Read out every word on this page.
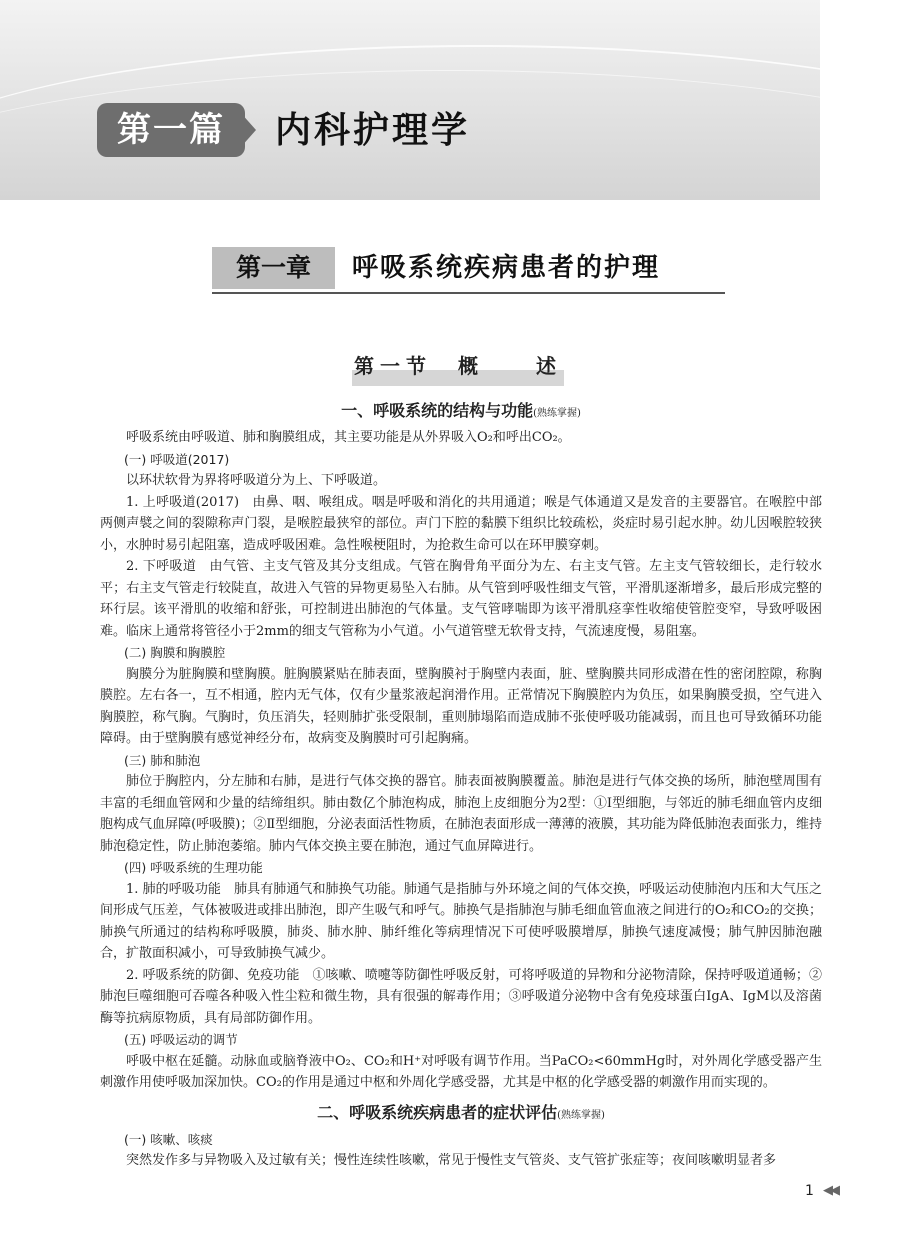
第一篇	内科护理学
第一章	呼吸系统疾病患者的护理
第一节　概　　述
一、呼吸系统的结构与功能(熟练掌握)

呼吸系统由呼吸道、肺和胸膜组成，其主要功能是从外界吸入O₂和呼出CO₂。

(一) 呼吸道(2017)

以环状软骨为界将呼吸道分为上、下呼吸道。

1. 上呼吸道(2017)　由鼻、咽、喉组成。咽是呼吸和消化的共用通道；喉是气体通道又是发音的主要器官。在喉腔中部两侧声襞之间的裂隙称声门裂，是喉腔最狭窄的部位。声门下腔的黏膜下组织比较疏松，炎症时易引起水肿。幼儿因喉腔较狭小，水肿时易引起阻塞，造成呼吸困难。急性喉梗阻时，为抢救生命可以在环甲膜穿刺。

2. 下呼吸道　由气管、主支气管及其分支组成。气管在胸骨角平面分为左、右主支气管。左主支气管较细长，走行较水平；右主支气管走行较陡直，故进入气管的异物更易坠入右肺。从气管到呼吸性细支气管，平滑肌逐渐增多，最后形成完整的环行层。该平滑肌的收缩和舒张，可控制进出肺泡的气体量。支气管哮喘即为该平滑肌痉挛性收缩使管腔变窄，导致呼吸困难。临床上通常将管径小于2mm的细支气管称为小气道。小气道管壁无软骨支持，气流速度慢，易阻塞。

(二) 胸膜和胸膜腔

胸膜分为脏胸膜和壁胸膜。脏胸膜紧贴在肺表面，壁胸膜衬于胸壁内表面，脏、壁胸膜共同形成潜在性的密闭腔隙，称胸膜腔。左右各一，互不相通，腔内无气体，仅有少量浆液起润滑作用。正常情况下胸膜腔内为负压，如果胸膜受损，空气进入胸膜腔，称气胸。气胸时，负压消失，轻则肺扩张受限制，重则肺塌陷而造成肺不张使呼吸功能减弱，而且也可导致循环功能障碍。由于壁胸膜有感觉神经分布，故病变及胸膜时可引起胸痛。

(三) 肺和肺泡

肺位于胸腔内，分左肺和右肺，是进行气体交换的器官。肺表面被胸膜覆盖。肺泡是进行气体交换的场所，肺泡壁周围有丰富的毛细血管网和少量的结缔组织。肺由数亿个肺泡构成，肺泡上皮细胞分为2型：①Ⅰ型细胞，与邻近的肺毛细血管内皮细胞构成气血屏障(呼吸膜)；②Ⅱ型细胞，分泌表面活性物质，在肺泡表面形成一薄薄的液膜，其功能为降低肺泡表面张力，维持肺泡稳定性，防止肺泡萎缩。肺内气体交换主要在肺泡，通过气血屏障进行。

(四) 呼吸系统的生理功能

1. 肺的呼吸功能　肺具有肺通气和肺换气功能。肺通气是指肺与外环境之间的气体交换，呼吸运动使肺泡内压和大气压之间形成气压差，气体被吸进或排出肺泡，即产生吸气和呼气。肺换气是指肺泡与肺毛细血管血液之间进行的O₂和CO₂的交换；肺换气所通过的结构称呼吸膜，肺炎、肺水肿、肺纤维化等病理情况下可使呼吸膜增厚，肺换气速度减慢；肺气肿因肺泡融合，扩散面积减小，可导致肺换气减少。

2. 呼吸系统的防御、免疫功能　①咳嗽、喷嚏等防御性呼吸反射，可将呼吸道的异物和分泌物清除，保持呼吸道通畅；②肺泡巨噬细胞可吞噬各种吸入性尘粒和微生物，具有很强的解毒作用；③呼吸道分泌物中含有免疫球蛋白IgA、IgM以及溶菌酶等抗病原物质，具有局部防御作用。

(五) 呼吸运动的调节

呼吸中枢在延髓。动脉血或脑脊液中O₂、CO₂和H⁺对呼吸有调节作用。当PaCO₂<60mmHg时，对外周化学感受器产生刺激作用使呼吸加深加快。CO₂的作用是通过中枢和外周化学感受器，尤其是中枢的化学感受器的刺激作用而实现的。

二、呼吸系统疾病患者的症状评估(熟练掌握)
(一) 咳嗽、咳痰

突然发作多与异物吸入及过敏有关；慢性连续性咳嗽，常见于慢性支气管炎、支气管扩张症等；夜间咳嗽明显者多

1 ◀◀
